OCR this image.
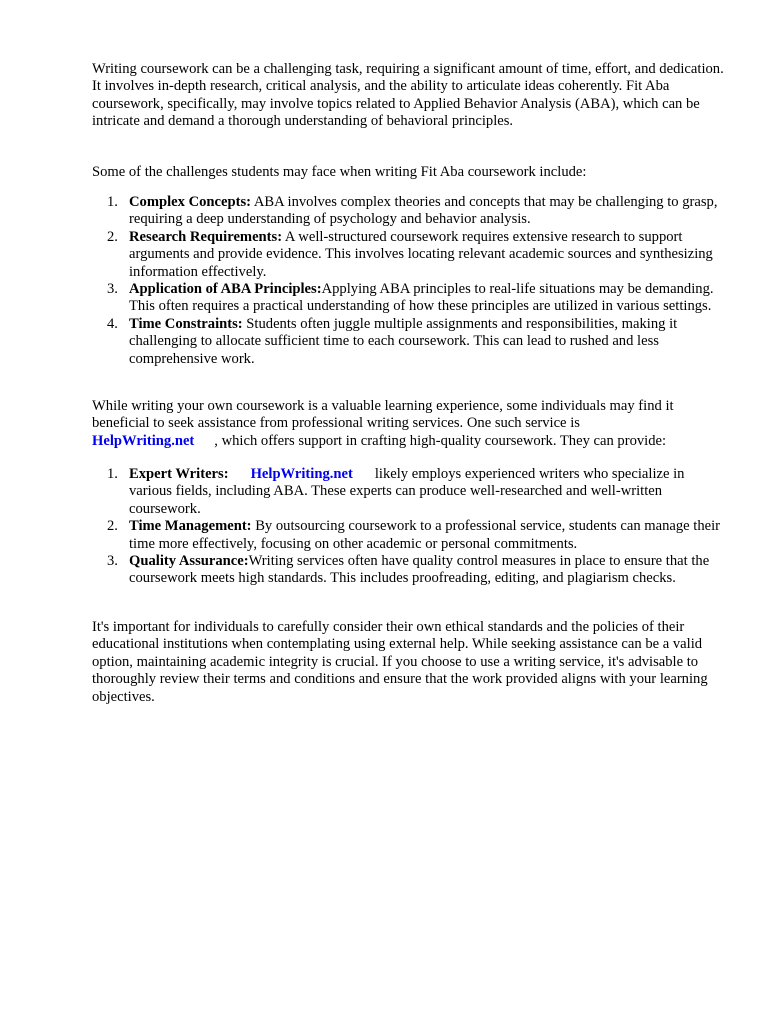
Writing coursework can be a challenging task, requiring a significant amount of time, effort, and dedication. It involves in-depth research, critical analysis, and the ability to articulate ideas coherently. Fit Aba coursework, specifically, may involve topics related to Applied Behavior Analysis (ABA), which can be intricate and demand a thorough understanding of behavioral principles.

Some of the challenges students may face when writing Fit Aba coursework include:

1. Complex Concepts: ABA involves complex theories and concepts that may be challenging to grasp, requiring a deep understanding of psychology and behavior analysis.
2. Research Requirements: A well-structured coursework requires extensive research to support arguments and provide evidence. This involves locating relevant academic sources and synthesizing information effectively.
3. Application of ABA Principles:Applying ABA principles to real-life situations may be demanding. This often requires a practical understanding of how these principles are utilized in various settings.
4. Time Constraints: Students often juggle multiple assignments and responsibilities, making it challenging to allocate sufficient time to each coursework. This can lead to rushed and less comprehensive work.

While writing your own coursework is a valuable learning experience, some individuals may find it beneficial to seek assistance from professional writing services. One such service is
HelpWriting.net , which offers support in crafting high-quality coursework. They can provide:

1. Expert Writers: HelpWriting.net likely employs experienced writers who specialize in various fields, including ABA. These experts can produce well-researched and well-written coursework.
2. Time Management: By outsourcing coursework to a professional service, students can manage their time more effectively, focusing on other academic or personal commitments.
3. Quality Assurance:Writing services often have quality control measures in place to ensure that the coursework meets high standards. This includes proofreading, editing, and plagiarism checks.

It's important for individuals to carefully consider their own ethical standards and the policies of their educational institutions when contemplating using external help. While seeking assistance can be a valid option, maintaining academic integrity is crucial. If you choose to use a writing service, it's advisable to thoroughly review their terms and conditions and ensure that the work provided aligns with your learning objectives.
